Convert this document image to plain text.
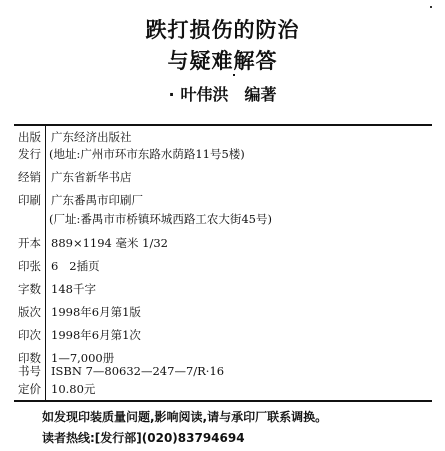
跌打损伤的防治
与疑难解答
· 叶伟洪 编著
出版 广东经济出版社
发行 (地址:广州市环市东路水荫路11号5楼)
经销 广东省新华书店
印刷 广东番禺市印刷厂
(厂址:番禺市市桥镇环城西路工农大街45号)
开本 889×1194 毫米 1/32
印张 6   2插页
字数 148千字
版次 1998年6月第1版
印次 1998年6月第1次
印数 1—7,000册
书号 ISBN 7—80632—247—7/R·16
定价 10.80元
如发现印装质量问题,影响阅读,请与承印厂联系调换。
读者热线:[发行部](020)83794694
